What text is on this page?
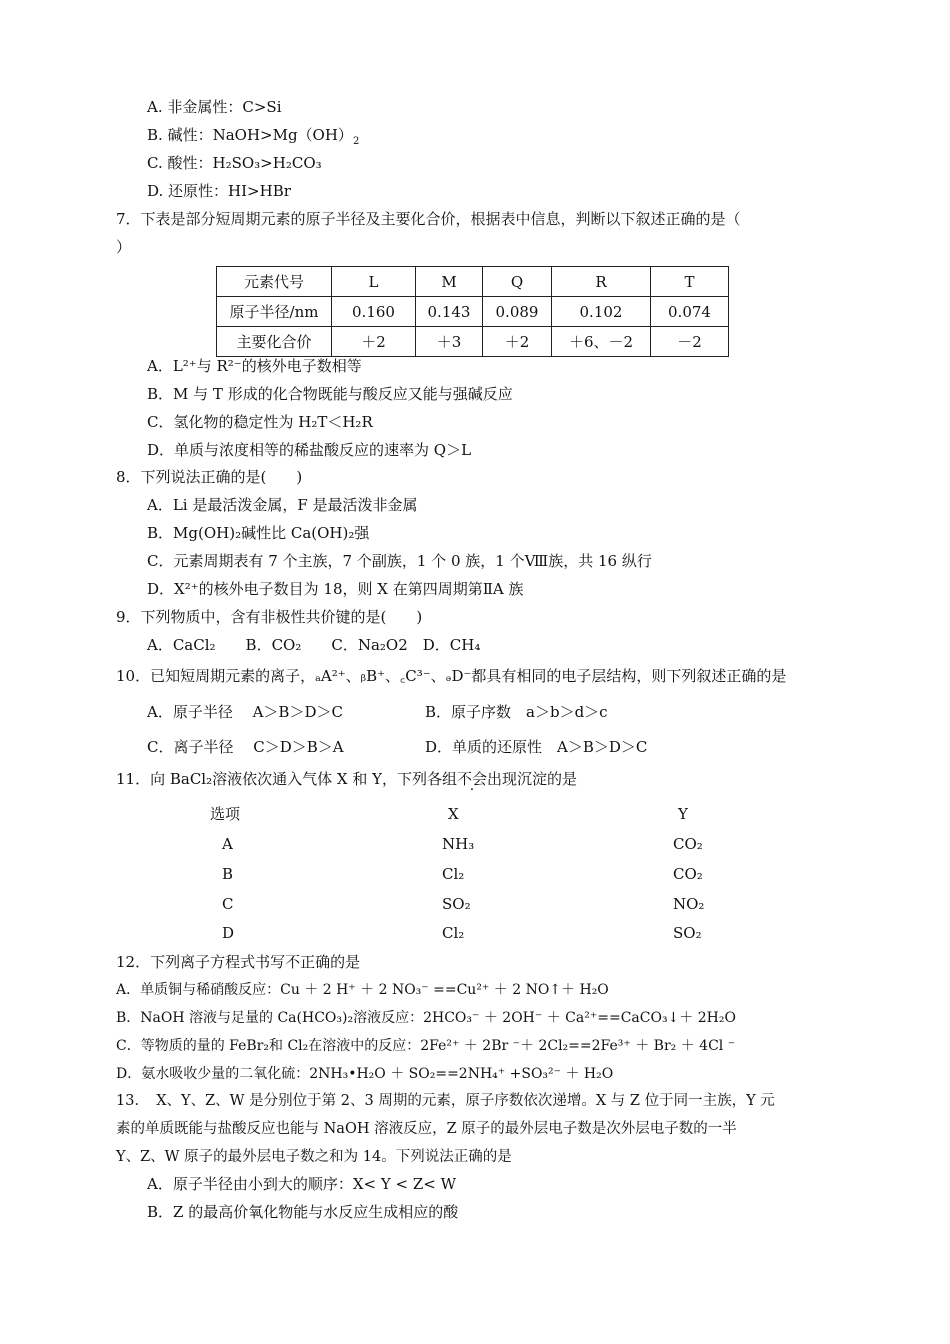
A. 非金属性：C>Si
B. 碱性：$NaOH>Mg(OH)_2$
C. 酸性：H₂SO₃>H₂CO₃
D. 还原性：HI>HBr
7．下表是部分短周期元素的原子半径及主要化合价，根据表中信息，判断以下叙述正确的是（
）
元素代号	L	M	Q	R	T
原子半径/nm	0.160	0.143	0.089	0.102	0.074
主要化合价	＋2	＋3	＋2	＋6、－2	－2
A．L²⁺与 R²⁻的核外电子数相等
B．M 与 T 形成的化合物既能与酸反应又能与强碱反应
C．氢化物的稳定性为 H₂T＜H₂R
D．单质与浓度相等的稀盐酸反应的速率为 Q＞L
8．下列说法正确的是(　　)
A．Li 是最活泼金属，F 是最活泼非金属
B．Mg(OH)₂碱性比 Ca(OH)₂强
C．元素周期表有 7 个主族，7 个副族，1 个 0 族，1 个Ⅷ族，共 16 纵行
D．X²⁺的核外电子数目为 18，则 X 在第四周期第ⅡA 族
9．下列物质中，含有非极性共价键的是(　　)
A．CaCl₂　　B．CO₂　　C．Na₂O2　D．CH₄
10．已知短周期元素的离子，ₐA²⁺、ᵦB⁺、꜀C³⁻、ₔD⁻都具有相同的电子层结构，则下列叙述正确的是
A．原子半径　 A＞B＞D＞C	B．原子序数　a＞b＞d＞c
C．离子半径　 C＞D＞B＞A	D．单质的还原性　A＞B＞D＞C
11．向 BaCl₂溶液依次通入气体 X 和 Y，下列各组不会出现沉淀的是
选项	X	Y
A	NH₃	CO₂
B	Cl₂	CO₂
C	SO₂	NO₂
D	Cl₂	SO₂
12．下列离子方程式书写不正确的是
A．单质铜与稀硝酸反应：Cu ＋ 2 H⁺ ＋ 2 NO₃⁻ ==Cu²⁺ ＋ 2 NO↑＋ H₂O
B．NaOH 溶液与足量的 Ca(HCO₃)₂溶液反应：2HCO₃⁻ ＋ 2OH⁻ ＋ Ca²⁺==CaCO₃↓＋ 2H₂O
C．等物质的量的 FeBr₂和 Cl₂在溶液中的反应：2Fe²⁺ ＋ 2Br ⁻＋ 2Cl₂==2Fe³⁺ ＋ Br₂ ＋ 4Cl ⁻
D．氨水吸收少量的二氧化硫：2NH₃•H₂O ＋ SO₂==2NH₄⁺ +SO₃²⁻ ＋ H₂O
13．　X、Y、Z、W 是分别位于第 2、3 周期的元素，原子序数依次递增。X 与 Z 位于同一主族，Y 元
素的单质既能与盐酸反应也能与 NaOH 溶液反应，Z 原子的最外层电子数是次外层电子数的一半
Y、Z、W 原子的最外层电子数之和为 14。下列说法正确的是
A．原子半径由小到大的顺序：X< Y < Z< W
B．Z 的最高价氧化物能与水反应生成相应的酸
